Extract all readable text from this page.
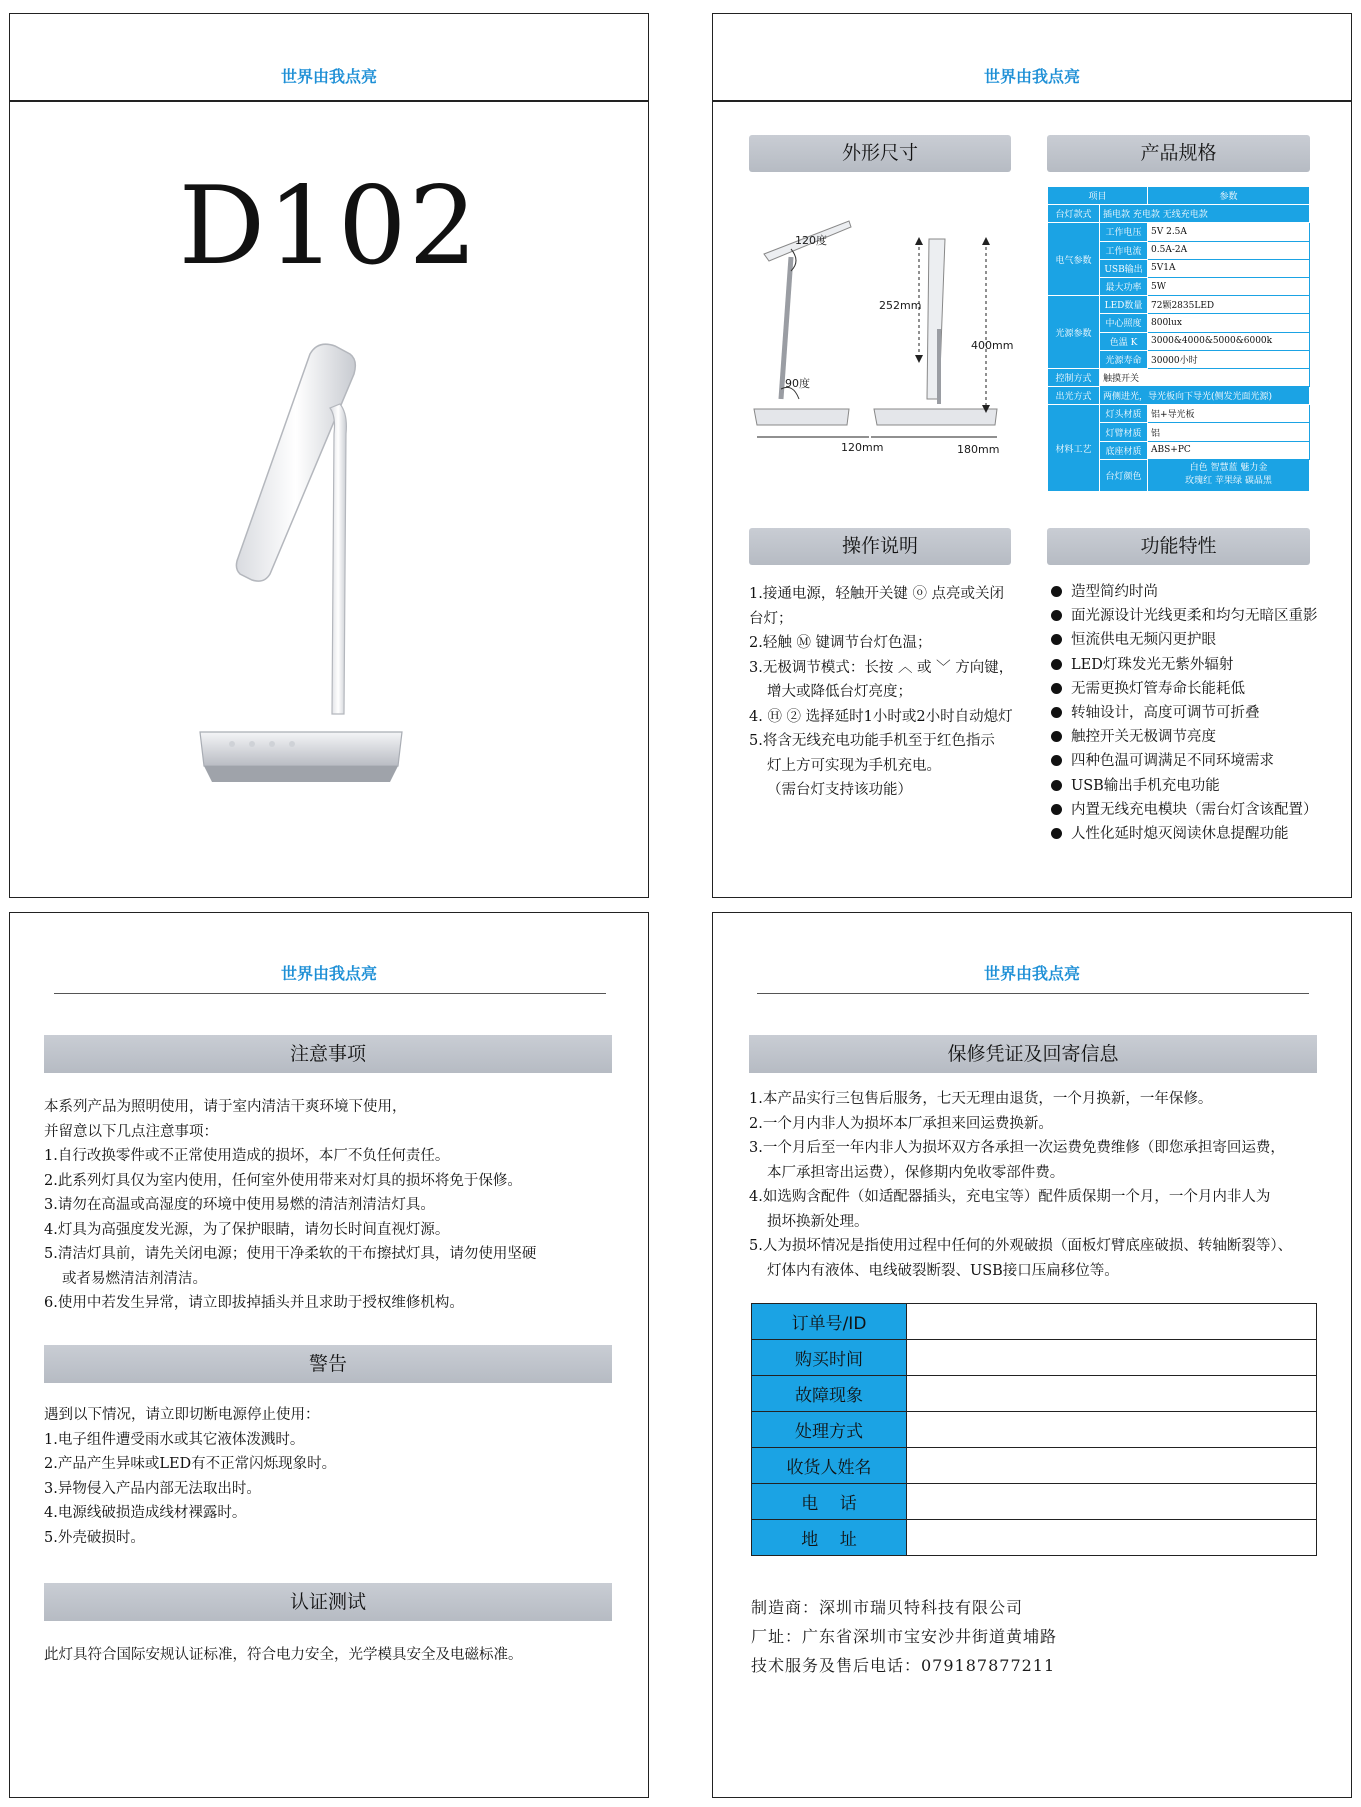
世界由我点亮
D102
世界由我点亮
外形尺寸	产品规格
120度
90度
252mm
400mm
120mm	180mm
项目		参数
台灯款式	插电款 充电款 无线充电款	
电气参数	工作电压	5V 2.5A
	工作电流	0.5A-2A
	USB输出	5V1A
	最大功率	5W
光源参数	LED数量	72颗2835LED
	中心照度	800lux
	色温 K	3000&4000&5000&6000k
	光源寿命	30000小时
控制方式	触摸开关	
出光方式	两侧进光，导光板向下导光(侧发光面光源)	
材料工艺	灯头材质	铝+导光板
	灯臂材质	铝
	底座材质	ABS+PC
	台灯颜色	白色 智慧蓝 魅力金
玫瑰红 苹果绿 碳晶黑
操作说明	功能特性
1.接通电源，轻触开关键 ⓞ 点亮或关闭
台灯；
2.轻触 Ⓜ 键调节台灯色温；
3.无极调节模式：长按 ︿ 或 ﹀ 方向键，
增大或降低台灯亮度；
4. Ⓗ ② 选择延时1小时或2小时自动熄灯
5.将含无线充电功能手机至于红色指示
灯上方可实现为手机充电。
（需台灯支持该功能）
造型简约时尚
面光源设计光线更柔和均匀无暗区重影
恒流供电无频闪更护眼
LED灯珠发光无紫外辐射
无需更换灯管寿命长能耗低
转轴设计，高度可调节可折叠
触控开关无极调节亮度
四种色温可调满足不同环境需求
USB输出手机充电功能
内置无线充电模块（需台灯含该配置）
人性化延时熄灭阅读休息提醒功能
世界由我点亮
注意事项
本系列产品为照明使用，请于室内清洁干爽环境下使用，
并留意以下几点注意事项：
1.自行改换零件或不正常使用造成的损坏，本厂不负任何责任。
2.此系列灯具仅为室内使用，任何室外使用带来对灯具的损坏将免于保修。
3.请勿在高温或高湿度的环境中使用易燃的清洁剂清洁灯具。
4.灯具为高强度发光源，为了保护眼睛，请勿长时间直视灯源。
5.清洁灯具前，请先关闭电源；使用干净柔软的干布擦拭灯具，请勿使用坚硬
或者易燃清洁剂清洁。
6.使用中若发生异常，请立即拔掉插头并且求助于授权维修机构。
警告
遇到以下情况，请立即切断电源停止使用：
1.电子组件遭受雨水或其它液体泼溅时。
2.产品产生异味或LED有不正常闪烁现象时。
3.异物侵入产品内部无法取出时。
4.电源线破损造成线材裸露时。
5.外壳破损时。
认证测试
此灯具符合国际安规认证标准，符合电力安全，光学模具安全及电磁标准。
世界由我点亮
保修凭证及回寄信息
1.本产品实行三包售后服务，七天无理由退货，一个月换新，一年保修。
2.一个月内非人为损坏本厂承担来回运费换新。
3.一个月后至一年内非人为损坏双方各承担一次运费免费维修（即您承担寄回运费，
本厂承担寄出运费），保修期内免收零部件费。
4.如选购含配件（如适配器插头，充电宝等）配件质保期一个月，一个月内非人为
损坏换新处理。
5.人为损坏情况是指使用过程中任何的外观破损（面板灯臂底座破损、转轴断裂等）、
灯体内有液体、电线破裂断裂、USB接口压扁移位等。
订单号/ID	
购买时间	
故障现象	
处理方式	
收货人姓名	
电    话	
地    址	
制造商：深圳市瑞贝特科技有限公司
厂址：广东省深圳市宝安沙井街道黄埔路
技术服务及售后电话：079187877211
